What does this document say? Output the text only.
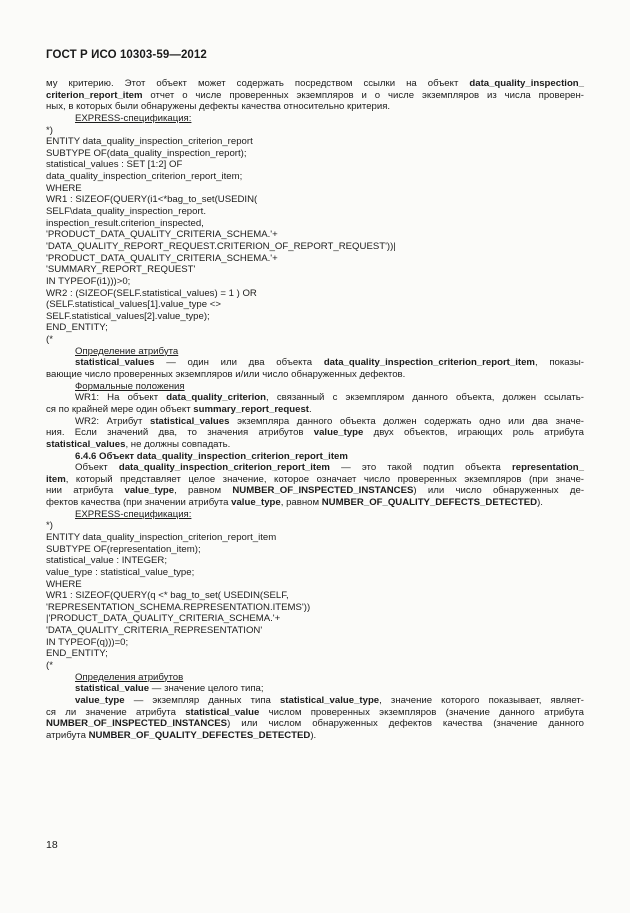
ГОСТ Р ИСО 10303-59—2012
му критерию. Этот объект может содержать посредством ссылки на объект data_quality_inspection_
criterion_report_item отчет о числе проверенных экземпляров и о числе экземпляров из числа проверен-
ных, в которых были обнаружены дефекты качества относительно критерия.
EXPRESS-спецификация:
*)
ENTITY data_quality_inspection_criterion_report
SUBTYPE OF(data_quality_inspection_report);
statistical_values : SET [1:2] OF
data_quality_inspection_criterion_report_item;
WHERE
WR1 : SIZEOF(QUERY(i1<*bag_to_set(USEDIN(
SELF\data_quality_inspection_report.
inspection_result.criterion_inspected,
'PRODUCT_DATA_QUALITY_CRITERIA_SCHEMA.'+
'DATA_QUALITY_REPORT_REQUEST.CRITERION_OF_REPORT_REQUEST'))|
'PRODUCT_DATA_QUALITY_CRITERIA_SCHEMA.'+
'SUMMARY_REPORT_REQUEST'
IN TYPEOF(i1)))>0;
WR2 : (SIZEOF(SELF.statistical_values) = 1 ) OR
(SELF.statistical_values[1].value_type <>
SELF.statistical_values[2].value_type);
END_ENTITY;
(*
Определение атрибута
statistical_values — один или два объекта data_quality_inspection_criterion_report_item, показы-
вающие число проверенных экземпляров и/или число обнаруженных дефектов.
Формальные положения
WR1: На объект data_quality_criterion, связанный с экземпляром данного объекта, должен ссылать-
ся по крайней мере один объект summary_report_request.
WR2: Атрибут statistical_values экземпляра данного объекта должен содержать одно или два значе-
ния. Если значений два, то значения атрибутов value_type двух объектов, играющих роль атрибута
statistical_values, не должны совпадать.
6.4.6 Объект data_quality_inspection_criterion_report_item
Объект data_quality_inspection_criterion_report_item — это такой подтип объекта representation_
item, который представляет целое значение, которое означает число проверенных экземпляров (при значе-
нии атрибута value_type, равном NUMBER_OF_INSPECTED_INSTANCES) или число обнаруженных де-
фектов качества (при значении атрибута value_type, равном NUMBER_OF_QUALITY_DEFECTS_DETECTED).
EXPRESS-спецификация:
*)
ENTITY data_quality_inspection_criterion_report_item
SUBTYPE OF(representation_item);
statistical_value : INTEGER;
value_type : statistical_value_type;
WHERE
WR1 : SIZEOF(QUERY(q <* bag_to_set( USEDIN(SELF,
'REPRESENTATION_SCHEMA.REPRESENTATION.ITEMS'))
|'PRODUCT_DATA_QUALITY_CRITERIA_SCHEMA.'+
'DATA_QUALITY_CRITERIA_REPRESENTATION'
IN TYPEOF(q)))=0;
END_ENTITY;
(*
Определения атрибутов
statistical_value — значение целого типа;
value_type — экземпляр данных типа statistical_value_type, значение которого показывает, являет-
ся ли значение атрибута statistical_value числом проверенных экземпляров (значение данного атрибута
NUMBER_OF_INSPECTED_INSTANCES) или числом обнаруженных дефектов качества (значение данного
атрибута NUMBER_OF_QUALITY_DEFECTES_DETECTED).
18
